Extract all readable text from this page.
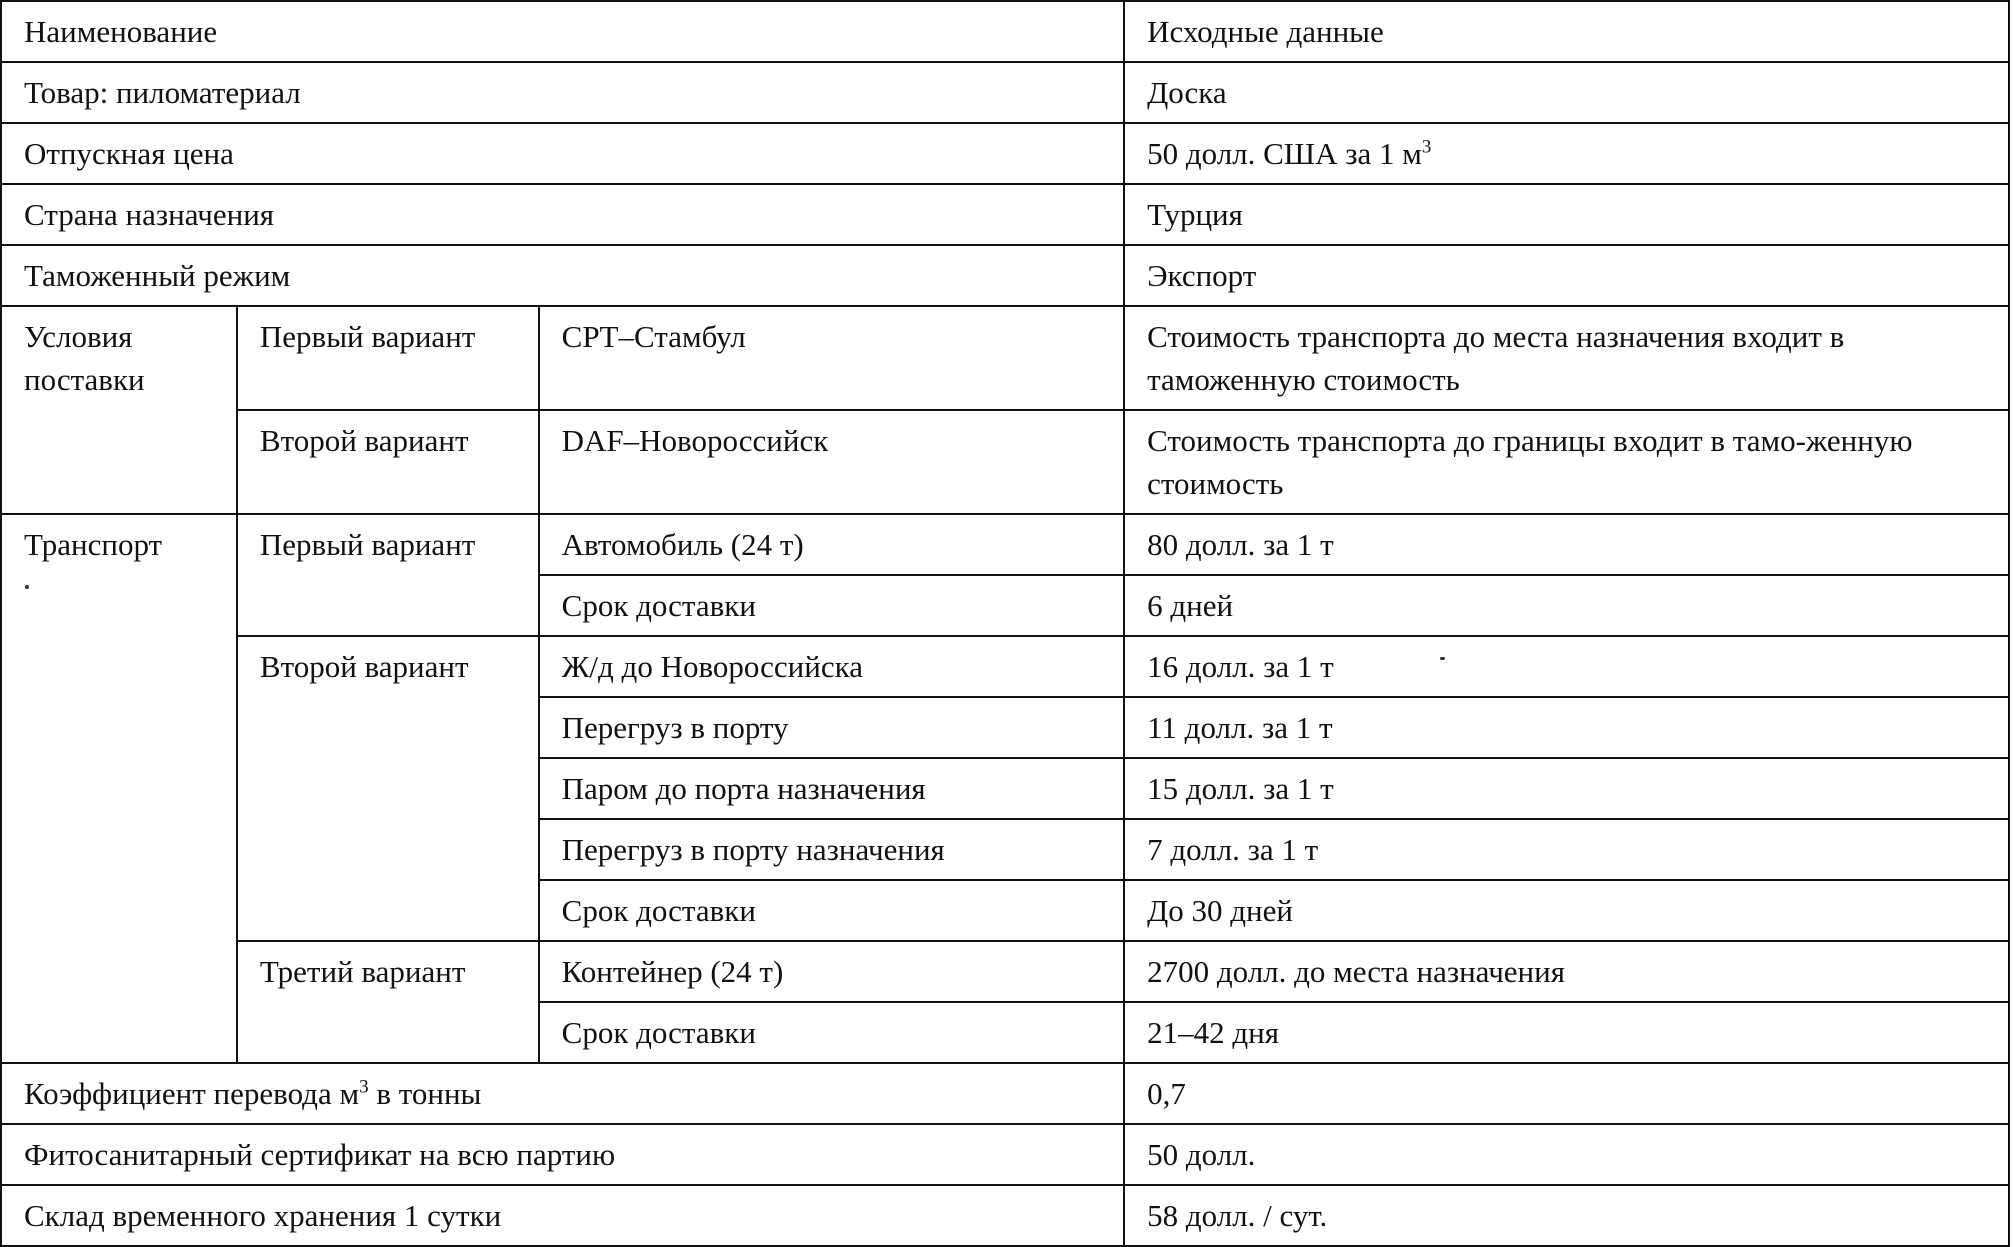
Наименование			Исходные данные
Товар: пиломатериал			Доска
Отпускная цена			50 долл. США за 1 $м^3$
Страна назначения			Турция
Таможенный режим			Экспорт
Условия поставки	Первый вариант	CPT–Стамбул	Стоимость транспорта до места назначения входит в таможенную стоимость
	Второй вариант	DAF–Новороссийск	Стоимость транспорта до границы входит в тамо-женную стоимость
Транспорт	Первый вариант	Автомобиль (24 т)	80 долл. за 1 т
		Срок доставки	6 дней
	Второй вариант	Ж/д до Новороссийска	16 долл. за 1 т
		Перегруз в порту	11 долл. за 1 т
		Паром до порта назначения	15 долл. за 1 т
		Перегруз в порту назначения	7 долл. за 1 т
		Срок доставки	До 30 дней
	Третий вариант	Контейнер (24 т)	2700 долл. до места назначения
		Срок доставки	21–42 дня
Коэффициент перевода $м^3$ в тонны			0,7
Фитосанитарный сертификат на всю партию			50 долл.
Склад временного хранения 1 сутки			58 долл. / сут.
